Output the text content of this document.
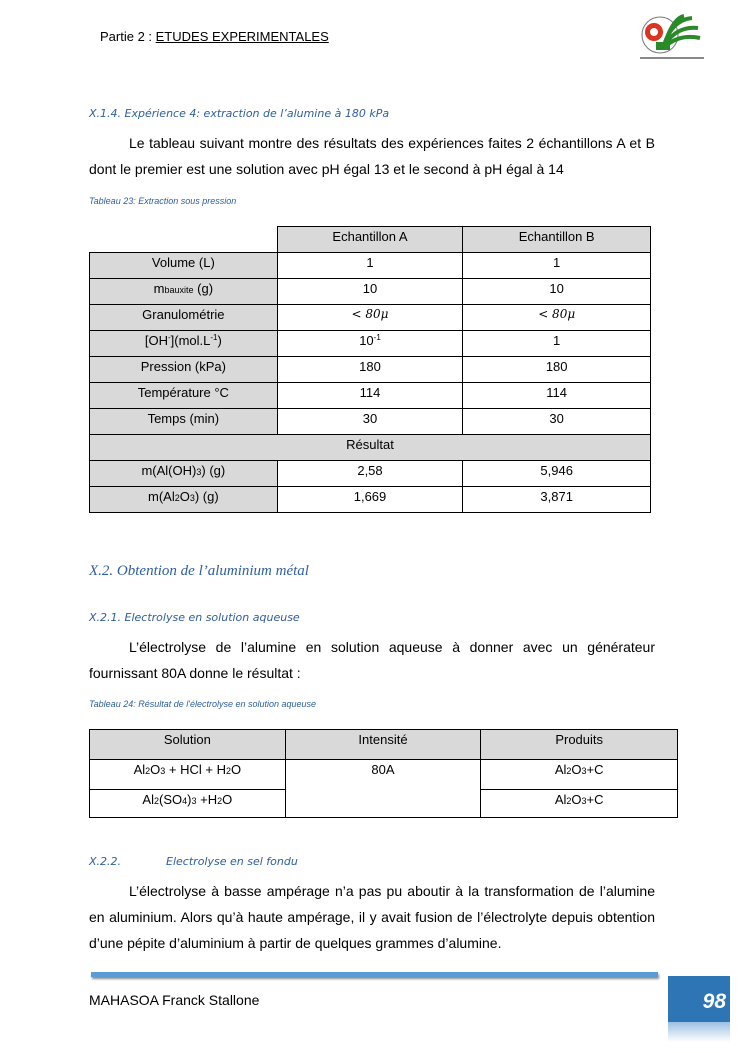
Partie 2 : ETUDES EXPERIMENTALES
X.1.4. Expérience 4: extraction de l’alumine à 180 kPa
Le tableau suivant montre des résultats des expériences faites 2 échantillons A et B dont le premier est une solution avec pH égal 13 et le second à pH égal à 14
Tableau 23: Extraction sous pression
	Echantillon A	Echantillon B
Volume (L)	1	1
mbauxite (g)	10	10
Granulométrie	< 80μ	< 80μ
$[OH^-](mol.L^{-1})$	$10^{-1}$	1
Pression (kPa)	180	180
Température °C	114	114
Temps (min)	30	30
Résultat		
m(Al(OH)3) (g)	2,58	5,946
m(Al2O3) (g)	1,669	3,871
X.2. Obtention de l’aluminium métal
X.2.1. Electrolyse en solution aqueuse
L’électrolyse de l’alumine en solution aqueuse à donner avec un générateur fournissant 80A donne le résultat :
Tableau 24: Résultat de l'électrolyse en solution aqueuse
Solution	Intensité	Produits
Al2O3 + HCl + H2O	80A	Al2O3+C
Al2(SO4)3 +H2O		Al2O3+C
X.2.2.	Electrolyse en sel fondu
L’électrolyse à basse ampérage n’a pas pu aboutir à la transformation de l’alumine en aluminium. Alors qu’à haute ampérage, il y avait fusion de l’électrolyte depuis obtention d’une pépite d’aluminium à partir de quelques grammes d’alumine.
MAHASOA Franck Stallone	98
